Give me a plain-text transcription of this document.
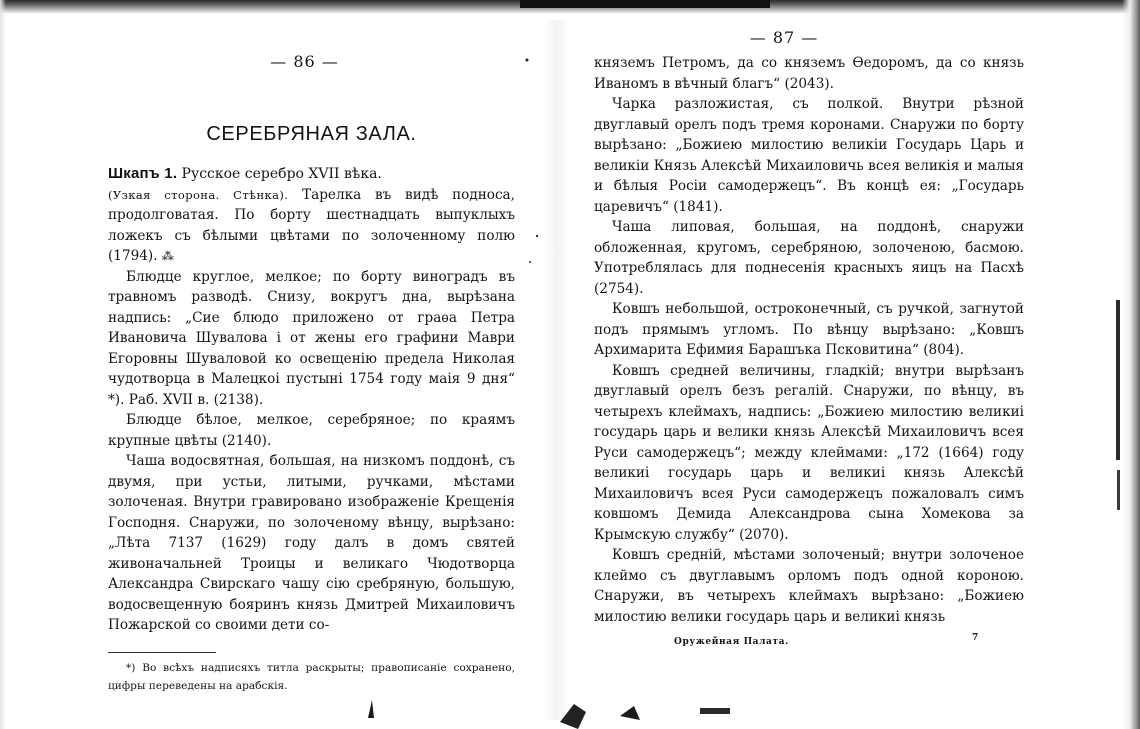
— 86 —

СЕРЕБРЯНАЯ ЗАЛА.

Шкапъ 1. Русское серебро XVII вѣка.

(Узкая сторона. Стѣнка). Тарелка въ видѣ подноса, продолговатая. По борту шестнадцать выпуклыхъ ложекъ съ бѣлыми цвѣтами по золоченному полю (1794). ⁂

Блюдце круглое, мелкое; по борту виноградъ въ травномъ разводѣ. Снизу, вокругъ дна, вырѣзана надпись: „Сие блюдо приложено от граѳа Петра Ивановича Шувалова і от жены его графини Маври Егоровны Шуваловой ко освещенію предела Николая чудотворца в Малецкоі пустыні 1754 году маія 9 дня“ *). Раб. XVII в. (2138).

Блюдце бѣлое, мелкое, серебряное; по краямъ крупные цвѣты (2140).

Чаша водосвятная, большая, на низкомъ поддонѣ, съ двумя, при устьи, литыми, ручками, мѣстами золоченая. Внутри гравировано изображеніе Крещенія Господня. Снаружи, по золоченому вѣнцу, вырѣзано: „Лѣта 7137 (1629) году далъ в домъ святей живоначальней Троицы и великаго Чюдотворца Александра Свирскаго чашу сію сребряную, большую, водосвещенную бояринъ князь Дмитрей Михаиловичъ Пожарской со своими дети со-

*) Во всѣхъ надписяхъ титла раскрыты; правописаніе сохранено, цифры переведены на арабскія.

— 87 —

княземъ Петромъ, да со княземъ Ѳедоромъ, да со князь Иваномъ в вѣчный благъ“ (2043).

Чарка разложистая, съ полкой. Внутри рѣзной двуглавый орелъ подъ тремя коронами. Снаружи по борту вырѣзано: „Божиею милостию великіи Государь Царь и великіи Князь Алексѣй Михаиловичь всея великія и малыя и бѣлыя Росіи самодержецъ“. Въ концѣ ея: „Государь царевичъ“ (1841).

Чаша липовая, большая, на поддонѣ, снаружи обложенная, кругомъ, серебряною, золоченою, басмою. Употреблялась для поднесенія красныхъ яицъ на Пасхѣ (2754).

Ковшъ небольшой, остроконечный, съ ручкой, загнутой подъ прямымъ угломъ. По вѣнцу вырѣзано: „Ковшъ Архимарита Ефимия Барашъка Псковитина“ (804).

Ковшъ средней величины, гладкій; внутри вырѣзанъ двуглавый орелъ безъ регалій. Снаружи, по вѣнцу, въ четырехъ клеймахъ, надпись: „Божиею милостию великиі государь царь и велики князь Алексѣй Михаиловичъ всея Руси самодержецъ“; между клеймами: „172 (1664) году великиі государь царь и великиі князь Алексѣй Михаиловичъ всея Руси самодержецъ пожаловалъ симъ ковшомъ Демида Александрова сына Хомекова за Крымскую службу“ (2070).

Ковшъ средній, мѣстами золоченый; внутри золоченое клеймо съ двуглавымъ орломъ подъ одной короною. Снаружи, въ четырехъ клеймахъ вырѣзано: „Божиею милостию велики государь царь и великиі князь

Оружейная Палата.	7
